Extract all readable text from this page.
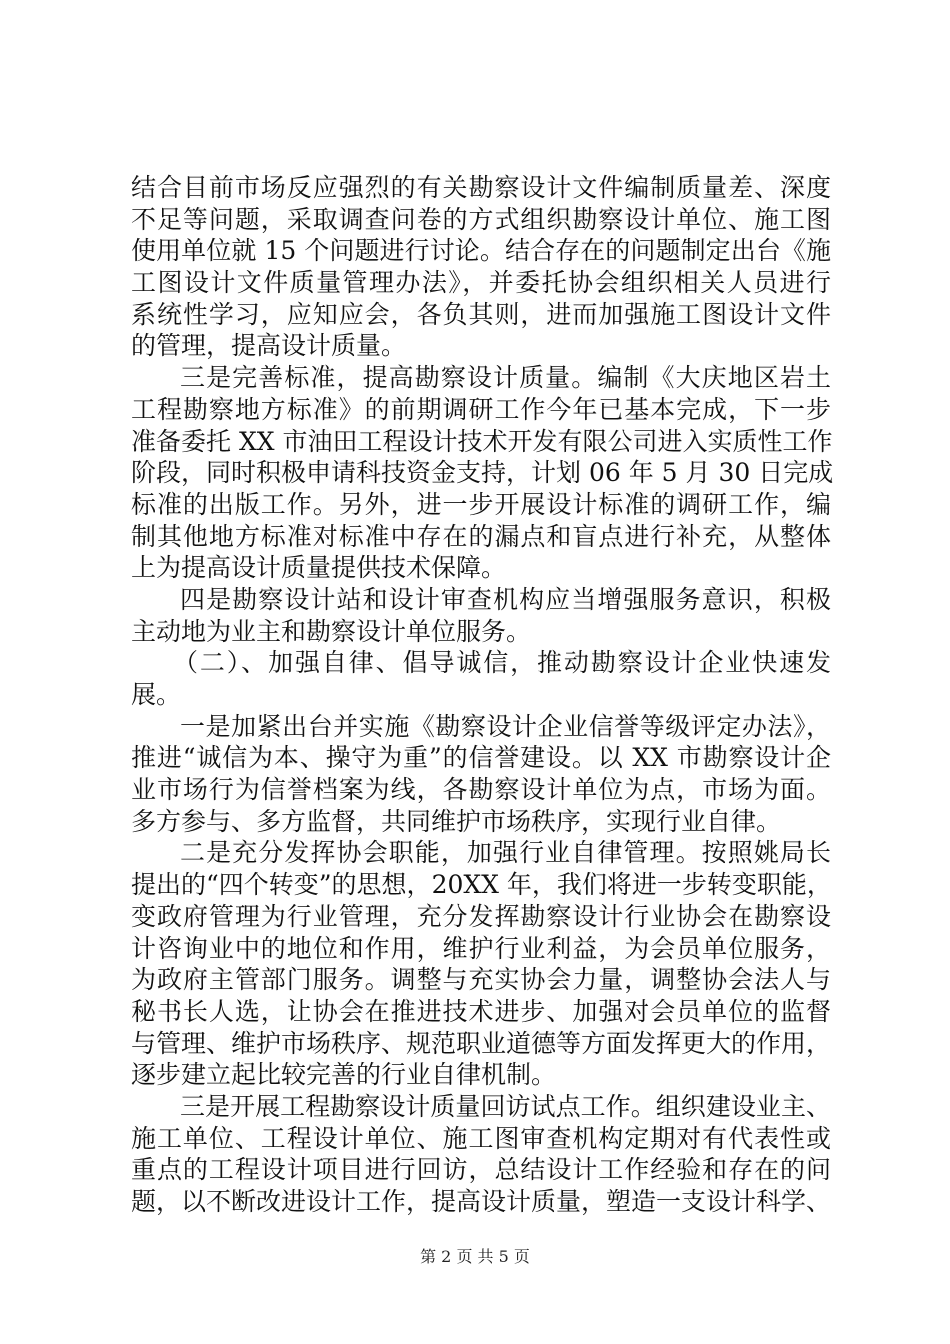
结合目前市场反应强烈的有关勘察设计文件编制质量差、深度
不足等问题，采取调查问卷的方式组织勘察设计单位、施工图
使用单位就 15 个问题进行讨论。结合存在的问题制定出台《施
工图设计文件质量管理办法》，并委托协会组织相关人员进行
系统性学习，应知应会，各负其则，进而加强施工图设计文件
的管理，提高设计质量。
三是完善标准，提高勘察设计质量。编制《大庆地区岩土
工程勘察地方标准》的前期调研工作今年已基本完成，下一步
准备委托 XX 市油田工程设计技术开发有限公司进入实质性工作
阶段，同时积极申请科技资金支持，计划 06 年 5 月 30 日完成
标准的出版工作。另外，进一步开展设计标准的调研工作，编
制其他地方标准对标准中存在的漏点和盲点进行补充，从整体
上为提高设计质量提供技术保障。
四是勘察设计站和设计审查机构应当增强服务意识，积极
主动地为业主和勘察设计单位服务。
（二）、加强自律、倡导诚信，推动勘察设计企业快速发
展。
一是加紧出台并实施《勘察设计企业信誉等级评定办法》，
推进“诚信为本、操守为重”的信誉建设。以 XX 市勘察设计企
业市场行为信誉档案为线，各勘察设计单位为点，市场为面。
多方参与、多方监督，共同维护市场秩序，实现行业自律。
二是充分发挥协会职能，加强行业自律管理。按照姚局长
提出的“四个转变”的思想，20XX 年，我们将进一步转变职能，
变政府管理为行业管理，充分发挥勘察设计行业协会在勘察设
计咨询业中的地位和作用，维护行业利益，为会员单位服务，
为政府主管部门服务。调整与充实协会力量，调整协会法人与
秘书长人选，让协会在推进技术进步、加强对会员单位的监督
与管理、维护市场秩序、规范职业道德等方面发挥更大的作用，
逐步建立起比较完善的行业自律机制。
三是开展工程勘察设计质量回访试点工作。组织建设业主、
施工单位、工程设计单位、施工图审查机构定期对有代表性或
重点的工程设计项目进行回访，总结设计工作经验和存在的问
题，以不断改进设计工作，提高设计质量，塑造一支设计科学、
第 2 页 共 5 页
